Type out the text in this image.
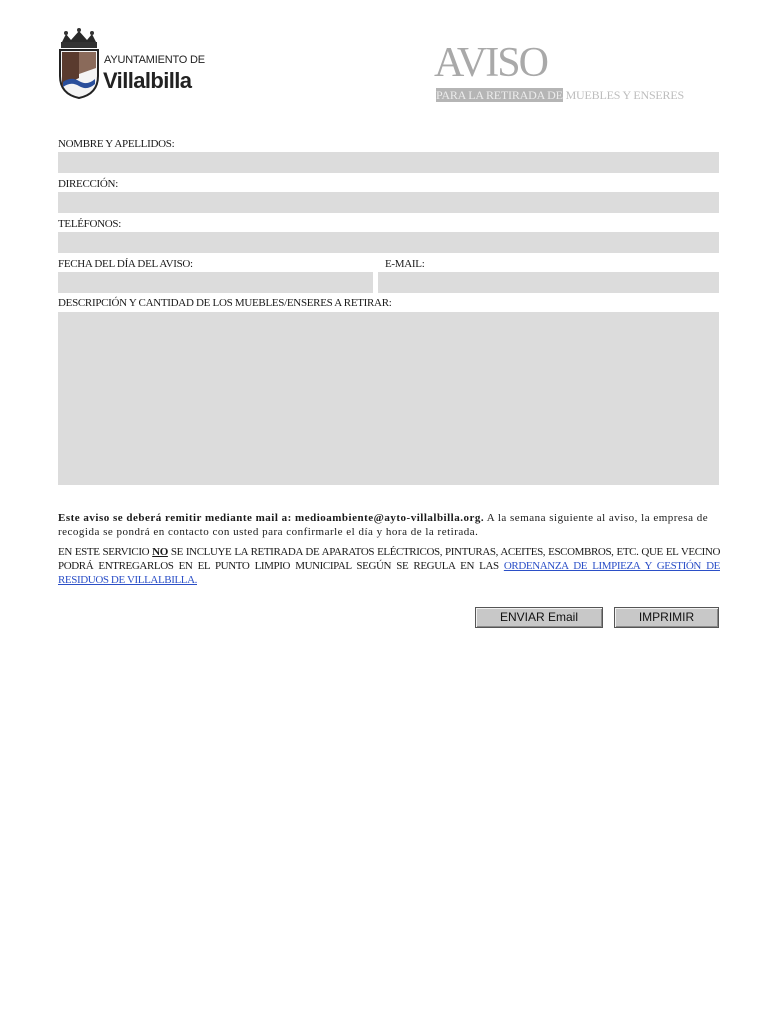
AYUNTAMIENTO DE
Villalbilla	AVISO
PARA LA RETIRADA DE MUEBLES Y ENSERES
NOMBRE Y APELLIDOS:
DIRECCIÓN:
TELÉFONOS:
FECHA DEL DÍA DEL AVISO:	E-MAIL:
DESCRIPCIÓN Y CANTIDAD DE LOS MUEBLES/ENSERES A RETIRAR:
Este aviso se deberá remitir mediante mail a: medioambiente@ayto-villalbilla.org. A la semana siguiente al aviso, la empresa de recogida se pondrá en contacto con usted para confirmarle el día y hora de la retirada.
EN ESTE SERVICIO NO SE INCLUYE LA RETIRADA DE APARATOS ELÉCTRICOS, PINTURAS, ACEITES, ESCOMBROS, ETC. QUE EL VECINO PODRÁ ENTREGARLOS EN EL PUNTO LIMPIO MUNICIPAL SEGÚN SE REGULA EN LAS ORDENANZA DE LIMPIEZA Y GESTIÓN DE RESIDUOS DE VILLALBILLA.
ENVIAR Email	IMPRIMIR
